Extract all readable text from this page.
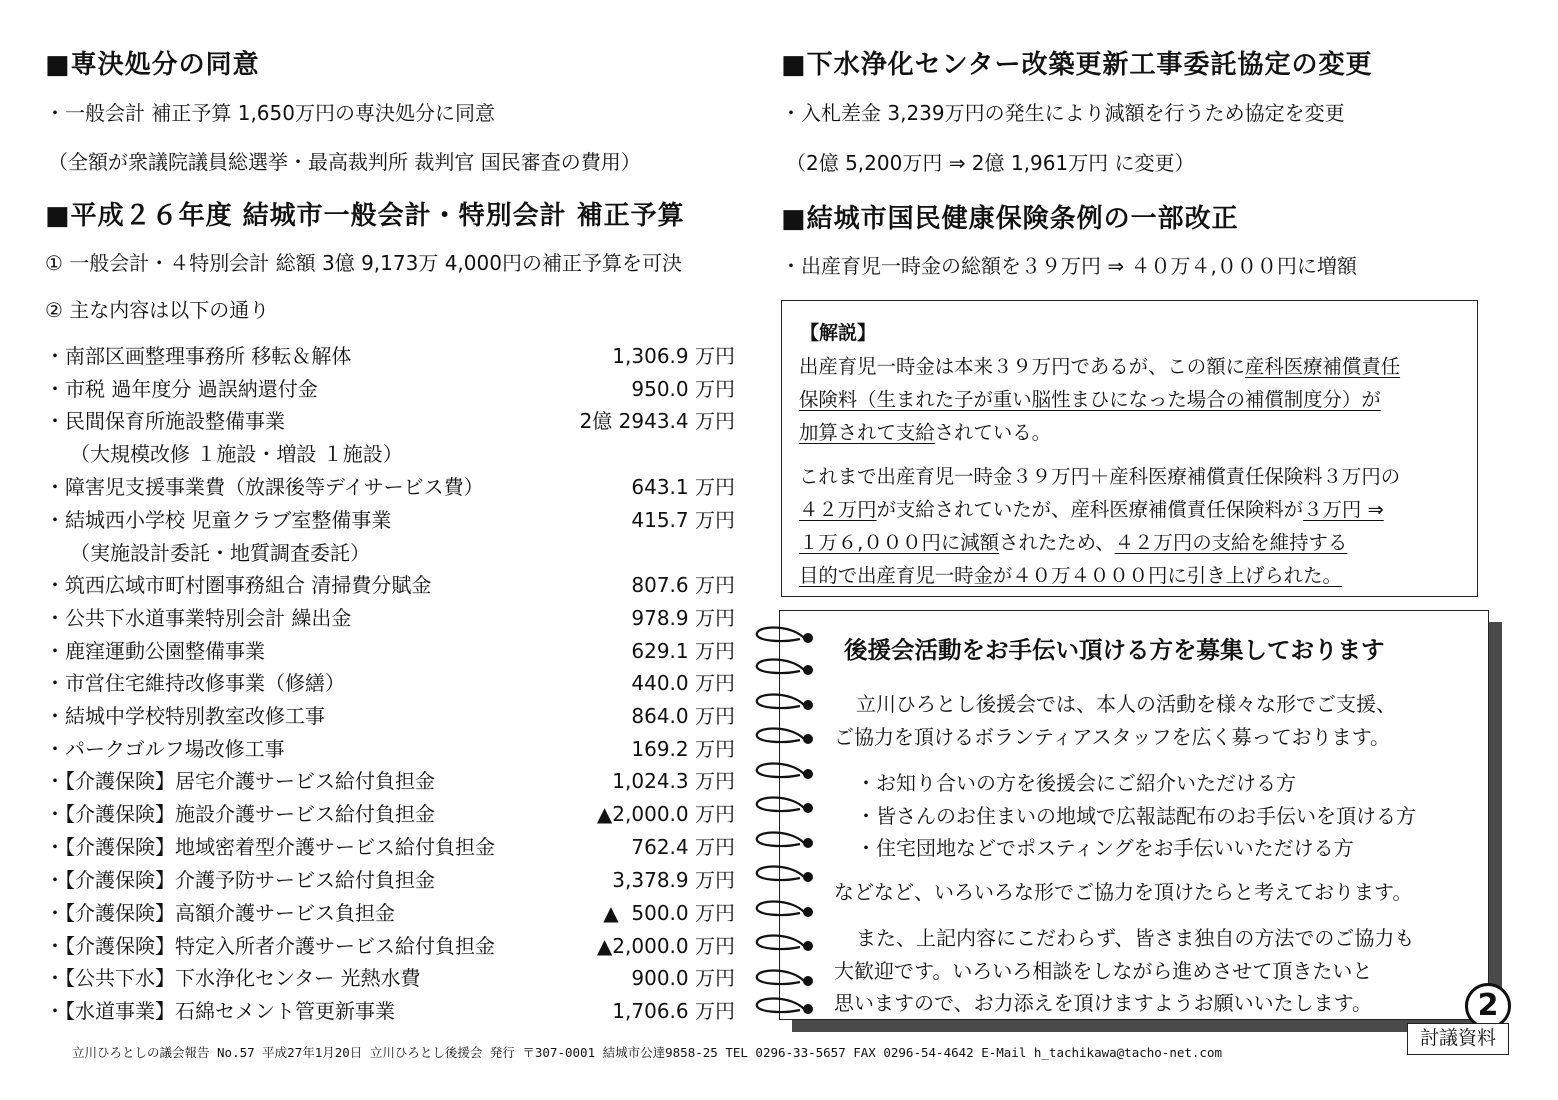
■専決処分の同意
・一般会計 補正予算 1,650万円の専決処分に同意
（全額が衆議院議員総選挙・最高裁判所 裁判官 国民審査の費用）
■平成２６年度 結城市一般会計・特別会計 補正予算
① 一般会計・４特別会計 総額 3億 9,173万 4,000円の補正予算を可決
② 主な内容は以下の通り
・南部区画整理事務所 移転＆解体	1,306.9 万円
・市税 過年度分 過誤納還付金	950.0 万円
・民間保育所施設整備事業	2億 2943.4 万円
（大規模改修 １施設・増設 １施設）
・障害児支援事業費（放課後等デイサービス費）	643.1 万円
・結城西小学校 児童クラブ室整備事業	415.7 万円
（実施設計委託・地質調査委託）
・筑西広域市町村圏事務組合 清掃費分賦金	807.6 万円
・公共下水道事業特別会計 繰出金	978.9 万円
・鹿窪運動公園整備事業	629.1 万円
・市営住宅維持改修事業（修繕）	440.0 万円
・結城中学校特別教室改修工事	864.0 万円
・パークゴルフ場改修工事	169.2 万円
・【介護保険】居宅介護サービス給付負担金	1,024.3 万円
・【介護保険】施設介護サービス給付負担金	▲2,000.0 万円
・【介護保険】地域密着型介護サービス給付負担金	762.4 万円
・【介護保険】介護予防サービス給付負担金	3,378.9 万円
・【介護保険】高額介護サービス負担金	▲  500.0 万円
・【介護保険】特定入所者介護サービス給付負担金	▲2,000.0 万円
・【公共下水】下水浄化センター 光熱水費	900.0 万円
・【水道事業】石綿セメント管更新事業	1,706.6 万円
■下水浄化センター改築更新工事委託協定の変更
・入札差金 3,239万円の発生により減額を行うため協定を変更
（2億 5,200万円 ⇒ 2億 1,961万円 に変更）
■結城市国民健康保険条例の一部改正
・出産育児一時金の総額を３９万円 ⇒ ４０万４,０００円に増額
【解説】
出産育児一時金は本来３９万円であるが、この額に産科医療補償責任
保険料（生まれた子が重い脳性まひになった場合の補償制度分）が
加算されて支給されている。
これまで出産育児一時金３９万円＋産科医療補償責任保険料３万円の
４２万円が支給されていたが、産科医療補償責任保険料が３万円 ⇒
１万６,０００円に減額されたため、４２万円の支給を維持する
目的で出産育児一時金が４０万４０００円に引き上げられた。
後援会活動をお手伝い頂ける方を募集しております
立川ひろとし後援会では、本人の活動を様々な形でご支援、
ご協力を頂けるボランティアスタッフを広く募っております。
・お知り合いの方を後援会にご紹介いただける方
・皆さんのお住まいの地域で広報誌配布のお手伝いを頂ける方
・住宅団地などでポスティングをお手伝いいただける方
などなど、いろいろな形でご協力を頂けたらと考えております。
また、上記内容にこだわらず、皆さま独自の方法でのご協力も
大歓迎です。いろいろ相談をしながら進めさせて頂きたいと
思いますので、お力添えを頂けますようお願いいたします。	2
討議資料
立川ひろとしの議会報告 No.57 平成27年1月20日 立川ひろとし後援会 発行 〒307-0001 結城市公達9858-25 TEL 0296-33-5657 FAX 0296-54-4642 E-Mail h_tachikawa@tacho-net.com
